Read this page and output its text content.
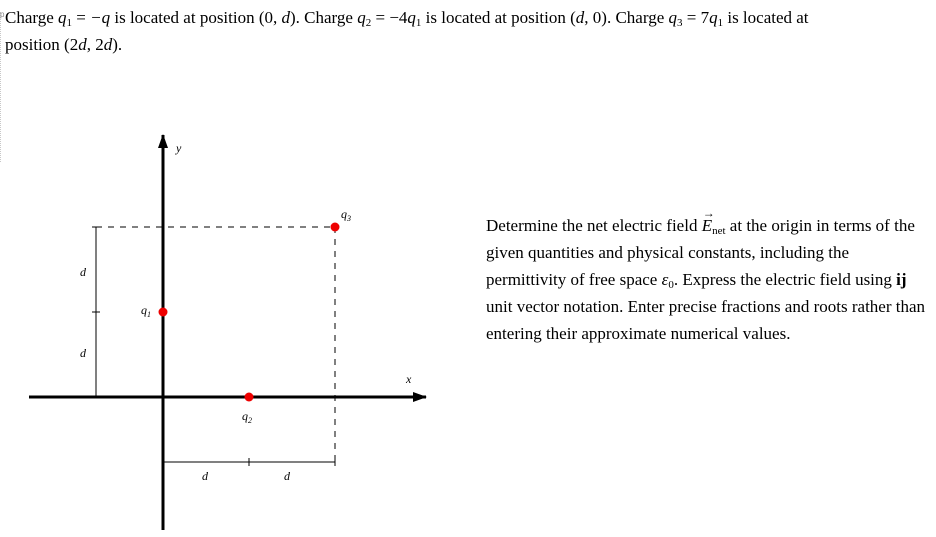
p Charge $q_1 = -q$ is located at position (0, d). Charge $q_2 = -4q_1$ is located at position (d, 0). Charge $q_3 = 7q_1$ is located at
position (2d, 2d).
y
x
d
d
d	d
$q_1$
$q_2$
$q_3$	Determine the net electric field → $E_{net}$ at the origin in terms of the given quantities and physical constants, including the permittivity of free space $\varepsilon_0$. Express the electric field using ij unit vector notation. Enter precise fractions and roots rather than entering their approximate numerical values.
